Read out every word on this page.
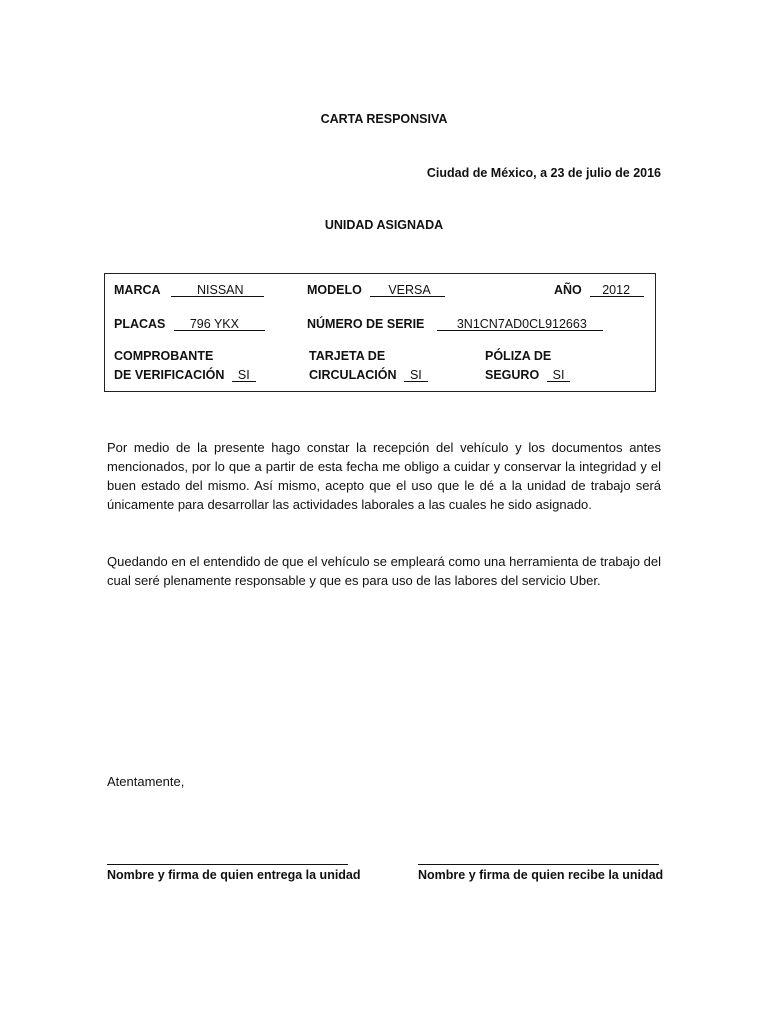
CARTA RESPONSIVA
Ciudad de México, a 23 de julio de 2016
UNIDAD ASIGNADA
MARCA	NISSAN	MODELO VERSA	AÑO 2012
PLACAS 796 YKX	NÚMERO DE SERIE	3N1CN7AD0CL912663
COMPROBANTE
DE VERIFICACIÓN SI
TARJETA DE
CIRCULACIÓN SI
PÓLIZA DE
SEGURO SI
Por medio de la presente hago constar la recepción del vehículo y los documentos antes mencionados, por lo que a partir de esta fecha me obligo a cuidar y conservar la integridad y el buen estado del mismo. Así mismo, acepto que el uso que le dé a la unidad de trabajo será únicamente para desarrollar las actividades laborales a las cuales he sido asignado.
Quedando en el entendido de que el vehículo se empleará como una herramienta de trabajo del cual seré plenamente responsable y que es para uso de las labores del servicio Uber.
Atentamente,
Nombre y firma de quien entrega la unidad	Nombre y firma de quien recibe la unidad
